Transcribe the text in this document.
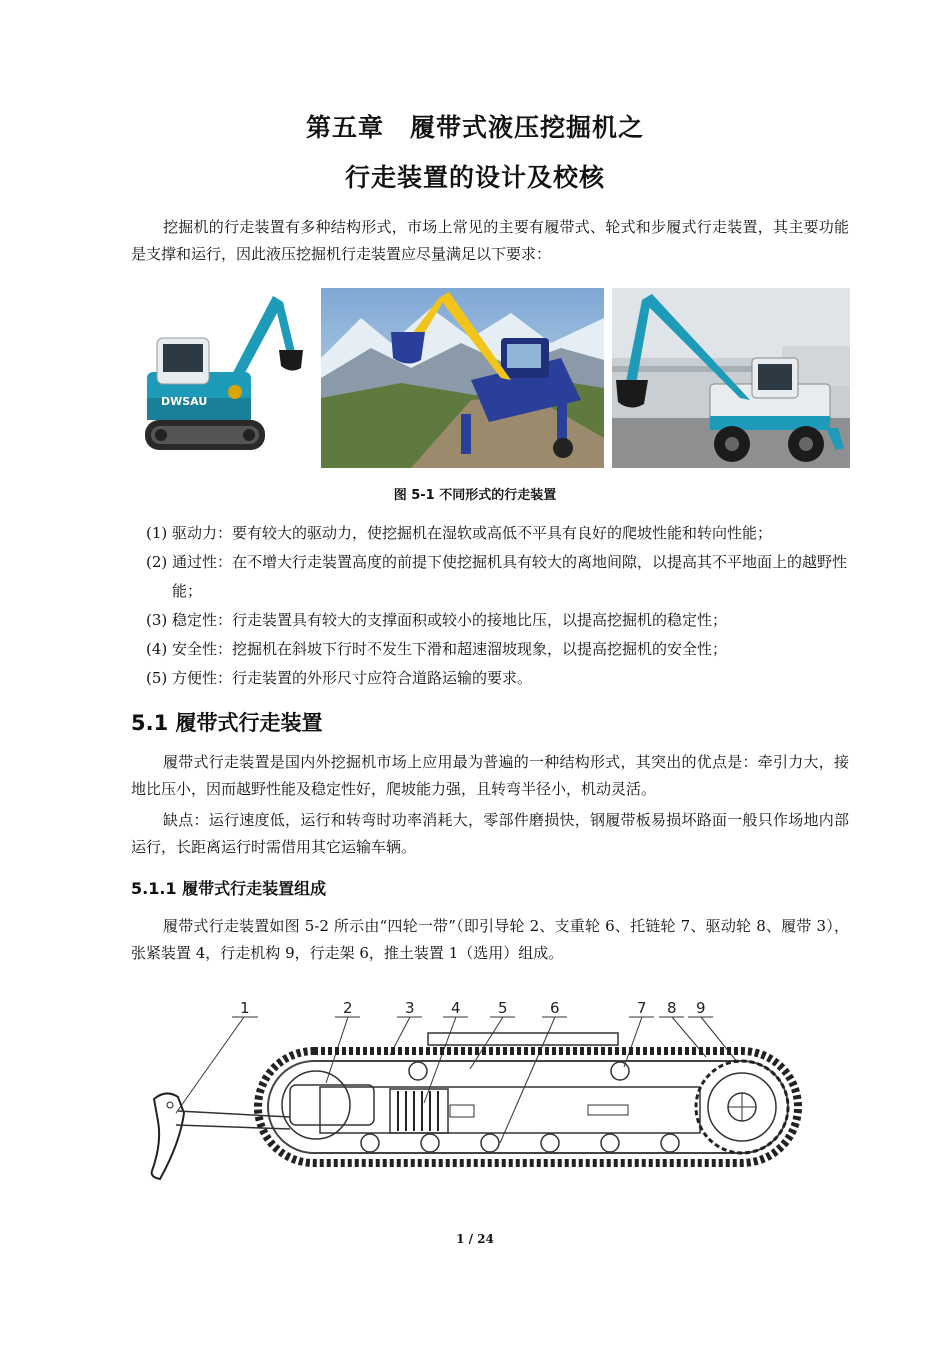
第五章　履带式液压挖掘机之
行走装置的设计及校核
挖掘机的行走装置有多种结构形式，市场上常见的主要有履带式、轮式和步履式行走装置，其主要功能是支撑和运行，因此液压挖掘机行走装置应尽量满足以下要求：
DWSAU
图 5-1 不同形式的行走装置
(1) 驱动力：要有较大的驱动力，使挖掘机在湿软或高低不平具有良好的爬坡性能和转向性能；
(2) 通过性：在不增大行走装置高度的前提下使挖掘机具有较大的离地间隙，以提高其不平地面上的越野性能；
(3) 稳定性：行走装置具有较大的支撑面积或较小的接地比压，以提高挖掘机的稳定性；
(4) 安全性：挖掘机在斜坡下行时不发生下滑和超速溜坡现象，以提高挖掘机的安全性；
(5) 方便性：行走装置的外形尺寸应符合道路运输的要求。
5.1 履带式行走装置
履带式行走装置是国内外挖掘机市场上应用最为普遍的一种结构形式，其突出的优点是：牵引力大，接地比压小，因而越野性能及稳定性好，爬坡能力强，且转弯半径小，机动灵活。
缺点：运行速度低，运行和转弯时功率消耗大，零部件磨损快，钢履带板易损坏路面一般只作场地内部运行，长距离运行时需借用其它运输车辆。
5.1.1 履带式行走装置组成
履带式行走装置如图 5-2 所示由“四轮一带”（即引导轮 2、支重轮 6、托链轮 7、驱动轮 8、履带 3），张紧装置 4，行走机构 9，行走架 6，推土装置 1（选用）组成。
1	2	3 4 5	6	7 8 9
1 / 24
